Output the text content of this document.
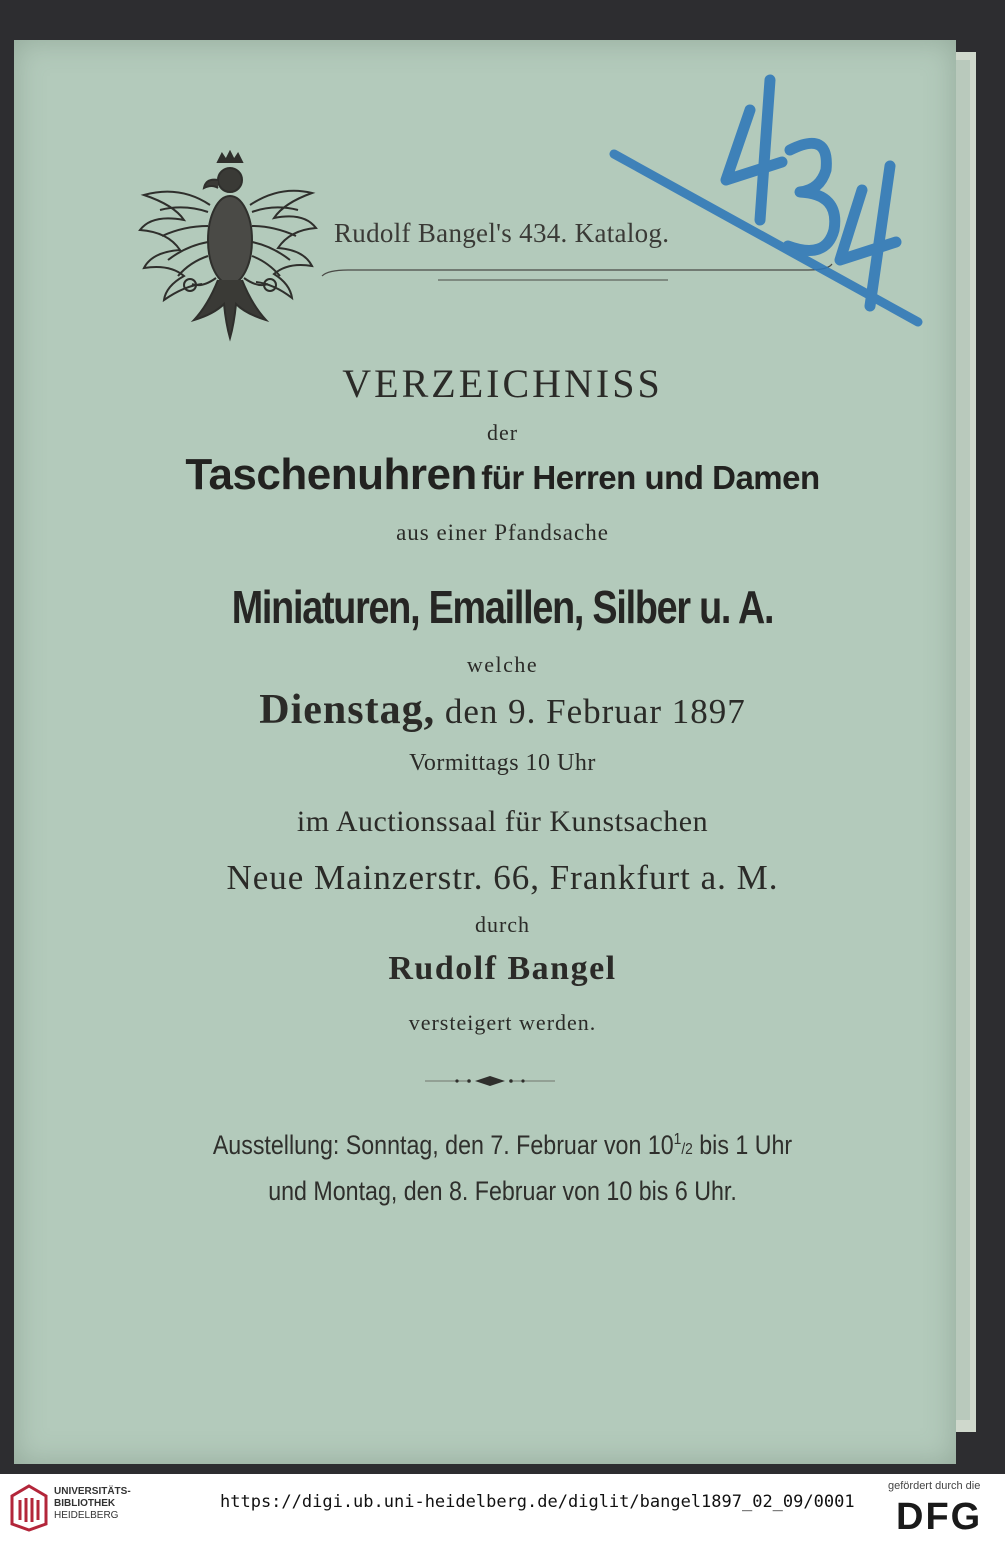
Rudolf Bangel's 434. Katalog.
VERZEICHNISS
der
Taschenuhren für Herren und Damen
aus einer Pfandsache
Miniaturen, Emaillen, Silber u. A.
welche
Dienstag, den 9. Februar 1897
Vormittags 10 Uhr
im Auctionssaal für Kunstsachen
Neue Mainzerstr. 66, Frankfurt a. M.
durch
Rudolf Bangel
versteigert werden.
Ausstellung: Sonntag, den 7. Februar von $10^1/2$ bis 1 Uhr
und Montag, den 8. Februar von 10 bis 6 Uhr.
UNIVERSITÄTS-
BIBLIOTHEK
HEIDELBERG
https://digi.ub.uni-heidelberg.de/diglit/bangel1897_02_09/0001
gefördert durch die
DFG
